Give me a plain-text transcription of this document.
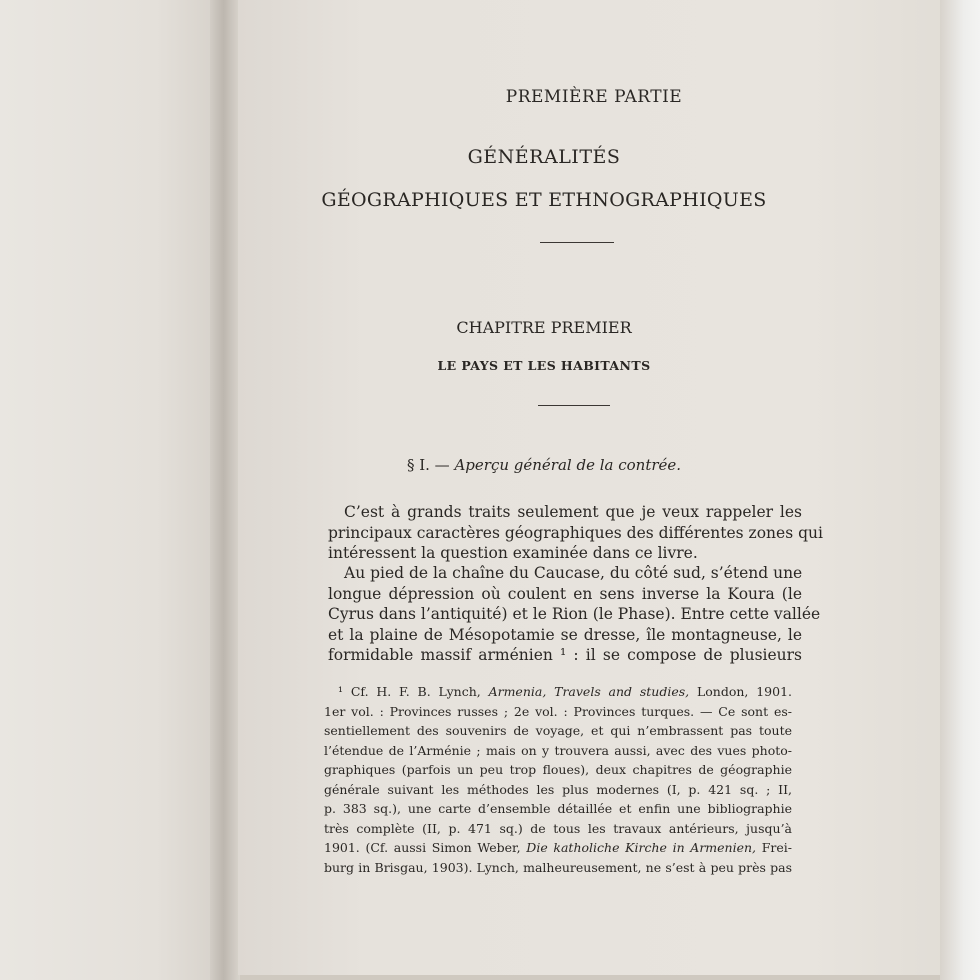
PREMIÈRE PARTIE
GÉNÉRALITÉS
GÉOGRAPHIQUES ET ETHNOGRAPHIQUES
CHAPITRE PREMIER
LE PAYS ET LES HABITANTS
§ I. — Aperçu général de la contrée.
C’est à grands traits seulement que je veux rappeler les
principaux caractères géographiques des différentes zones qui
intéressent la question examinée dans ce livre.
Au pied de la chaîne du Caucase, du côté sud, s’étend une
longue dépression où coulent en sens inverse la Koura (le
Cyrus dans l’antiquité) et le Rion (le Phase). Entre cette vallée
et la plaine de Mésopotamie se dresse, île montagneuse, le
formidable massif arménien ¹ : il se compose de plusieurs
¹ Cf. H. F. B. Lynch, Armenia, Travels and studies, London, 1901.
1er vol. : Provinces russes ; 2e vol. : Provinces turques. — Ce sont es-
sentiellement des souvenirs de voyage, et qui n’embrassent pas toute
l’étendue de l’Arménie ; mais on y trouvera aussi, avec des vues photo-
graphiques (parfois un peu trop floues), deux chapitres de géographie
générale suivant les méthodes les plus modernes (I, p. 421 sq. ; II,
p. 383 sq.), une carte d’ensemble détaillée et enfin une bibliographie
très complète (II, p. 471 sq.) de tous les travaux antérieurs, jusqu’à
1901. (Cf. aussi Simon Weber, Die katholiche Kirche in Armenien, Frei-
burg in Brisgau, 1903). Lynch, malheureusement, ne s’est à peu près pas
